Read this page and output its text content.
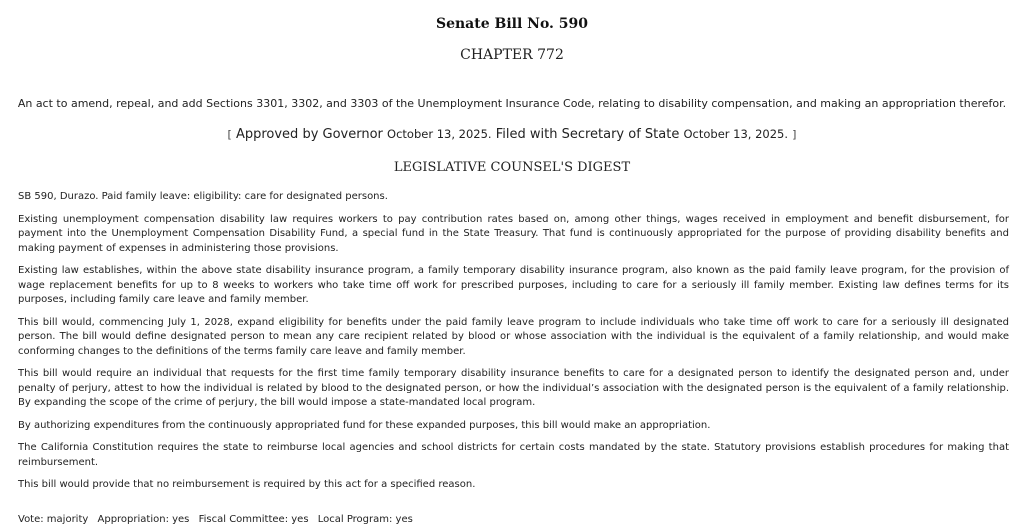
Senate Bill No. 590
CHAPTER 772
An act to amend, repeal, and add Sections 3301, 3302, and 3303 of the Unemployment Insurance Code, relating to disability compensation, and making an appropriation therefor.
[ Approved by Governor October 13, 2025. Filed with Secretary of State October 13, 2025. ]
LEGISLATIVE COUNSEL'S DIGEST

SB 590, Durazo. Paid family leave: eligibility: care for designated persons.

Existing unemployment compensation disability law requires workers to pay contribution rates based on, among other things, wages received in employment and benefit disbursement, for payment into the Unemployment Compensation Disability Fund, a special fund in the State Treasury. That fund is continuously appropriated for the purpose of providing disability benefits and making payment of expenses in administering those provisions.

Existing law establishes, within the above state disability insurance program, a family temporary disability insurance program, also known as the paid family leave program, for the provision of wage replacement benefits for up to 8 weeks to workers who take time off work for prescribed purposes, including to care for a seriously ill family member. Existing law defines terms for its purposes, including family care leave and family member.

This bill would, commencing July 1, 2028, expand eligibility for benefits under the paid family leave program to include individuals who take time off work to care for a seriously ill designated person. The bill would define designated person to mean any care recipient related by blood or whose association with the individual is the equivalent of a family relationship, and would make conforming changes to the definitions of the terms family care leave and family member.

This bill would require an individual that requests for the first time family temporary disability insurance benefits to care for a designated person to identify the designated person and, under penalty of perjury, attest to how the individual is related by blood to the designated person, or how the individual’s association with the designated person is the equivalent of a family relationship. By expanding the scope of the crime of perjury, the bill would impose a state-mandated local program.

By authorizing expenditures from the continuously appropriated fund for these expanded purposes, this bill would make an appropriation.

The California Constitution requires the state to reimburse local agencies and school districts for certain costs mandated by the state. Statutory provisions establish procedures for making that reimbursement.

This bill would provide that no reimbursement is required by this act for a specified reason.

Vote: majority Appropriation: yes Fiscal Committee: yes Local Program: yes
